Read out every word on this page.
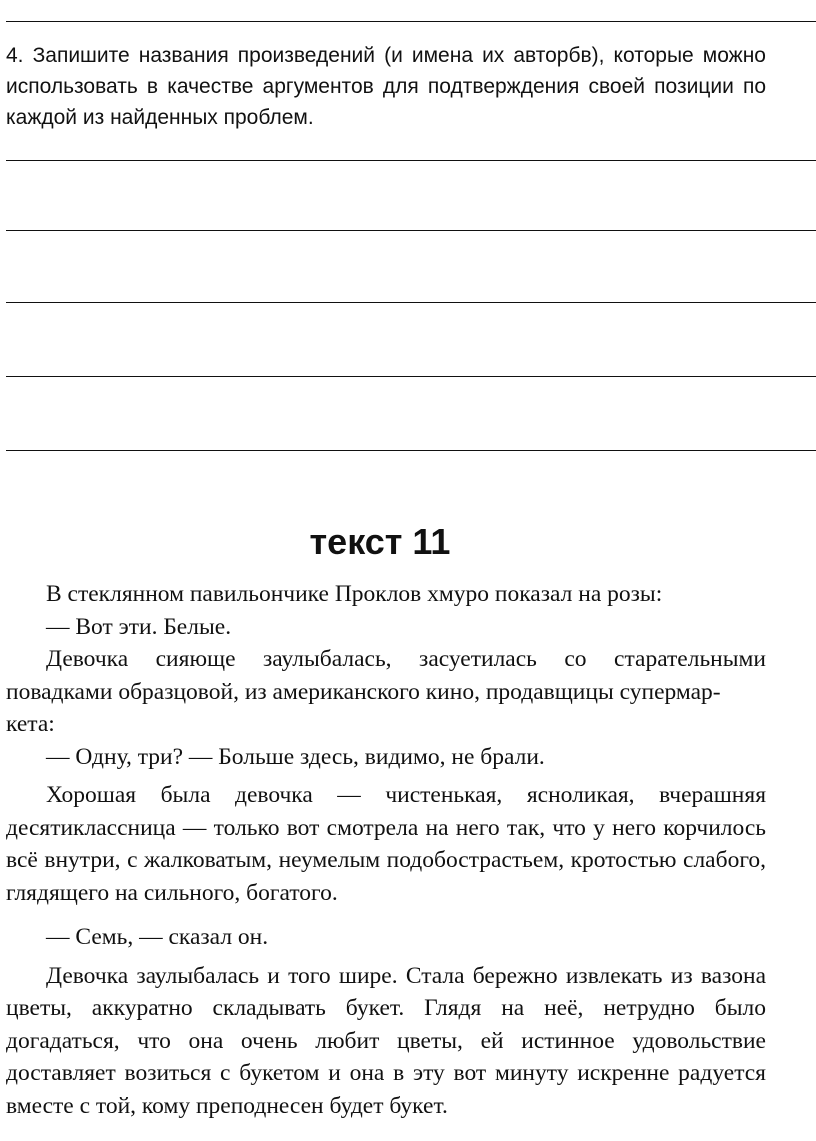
4. Запишите названия произведений (и имена их авторбв), которые можно использовать в качестве аргументов для подтверждения своей позиции по каждой из найденных проблем.

текст 11

В стеклянном павильончике Проклов хмуро показал на розы:

— Вот эти. Белые.

Девочка сияюще заулыбалась, засуетилась со старательными повадками образцовой, из американского кино, продавщицы супермар-

кета:

— Одну, три? — Больше здесь, видимо, не брали.

Хорошая была девочка — чистенькая, ясноликая, вчерашняя десятиклассница — только вот смотрела на него так, что у него корчилось всё внутри, с жалковатым, неумелым подобострастьем, кротостью слабого, глядящего на сильного, богатого.

— Семь, — сказал он.

Девочка заулыбалась и того шире. Стала бережно извлекать из вазона цветы, аккуратно складывать букет. Глядя на неё, нетрудно было догадаться, что она очень любит цветы, ей истинное удовольствие доставляет возиться с букетом и она в эту вот минуту искренне радуется вместе с той, кому преподнесен будет букет.
